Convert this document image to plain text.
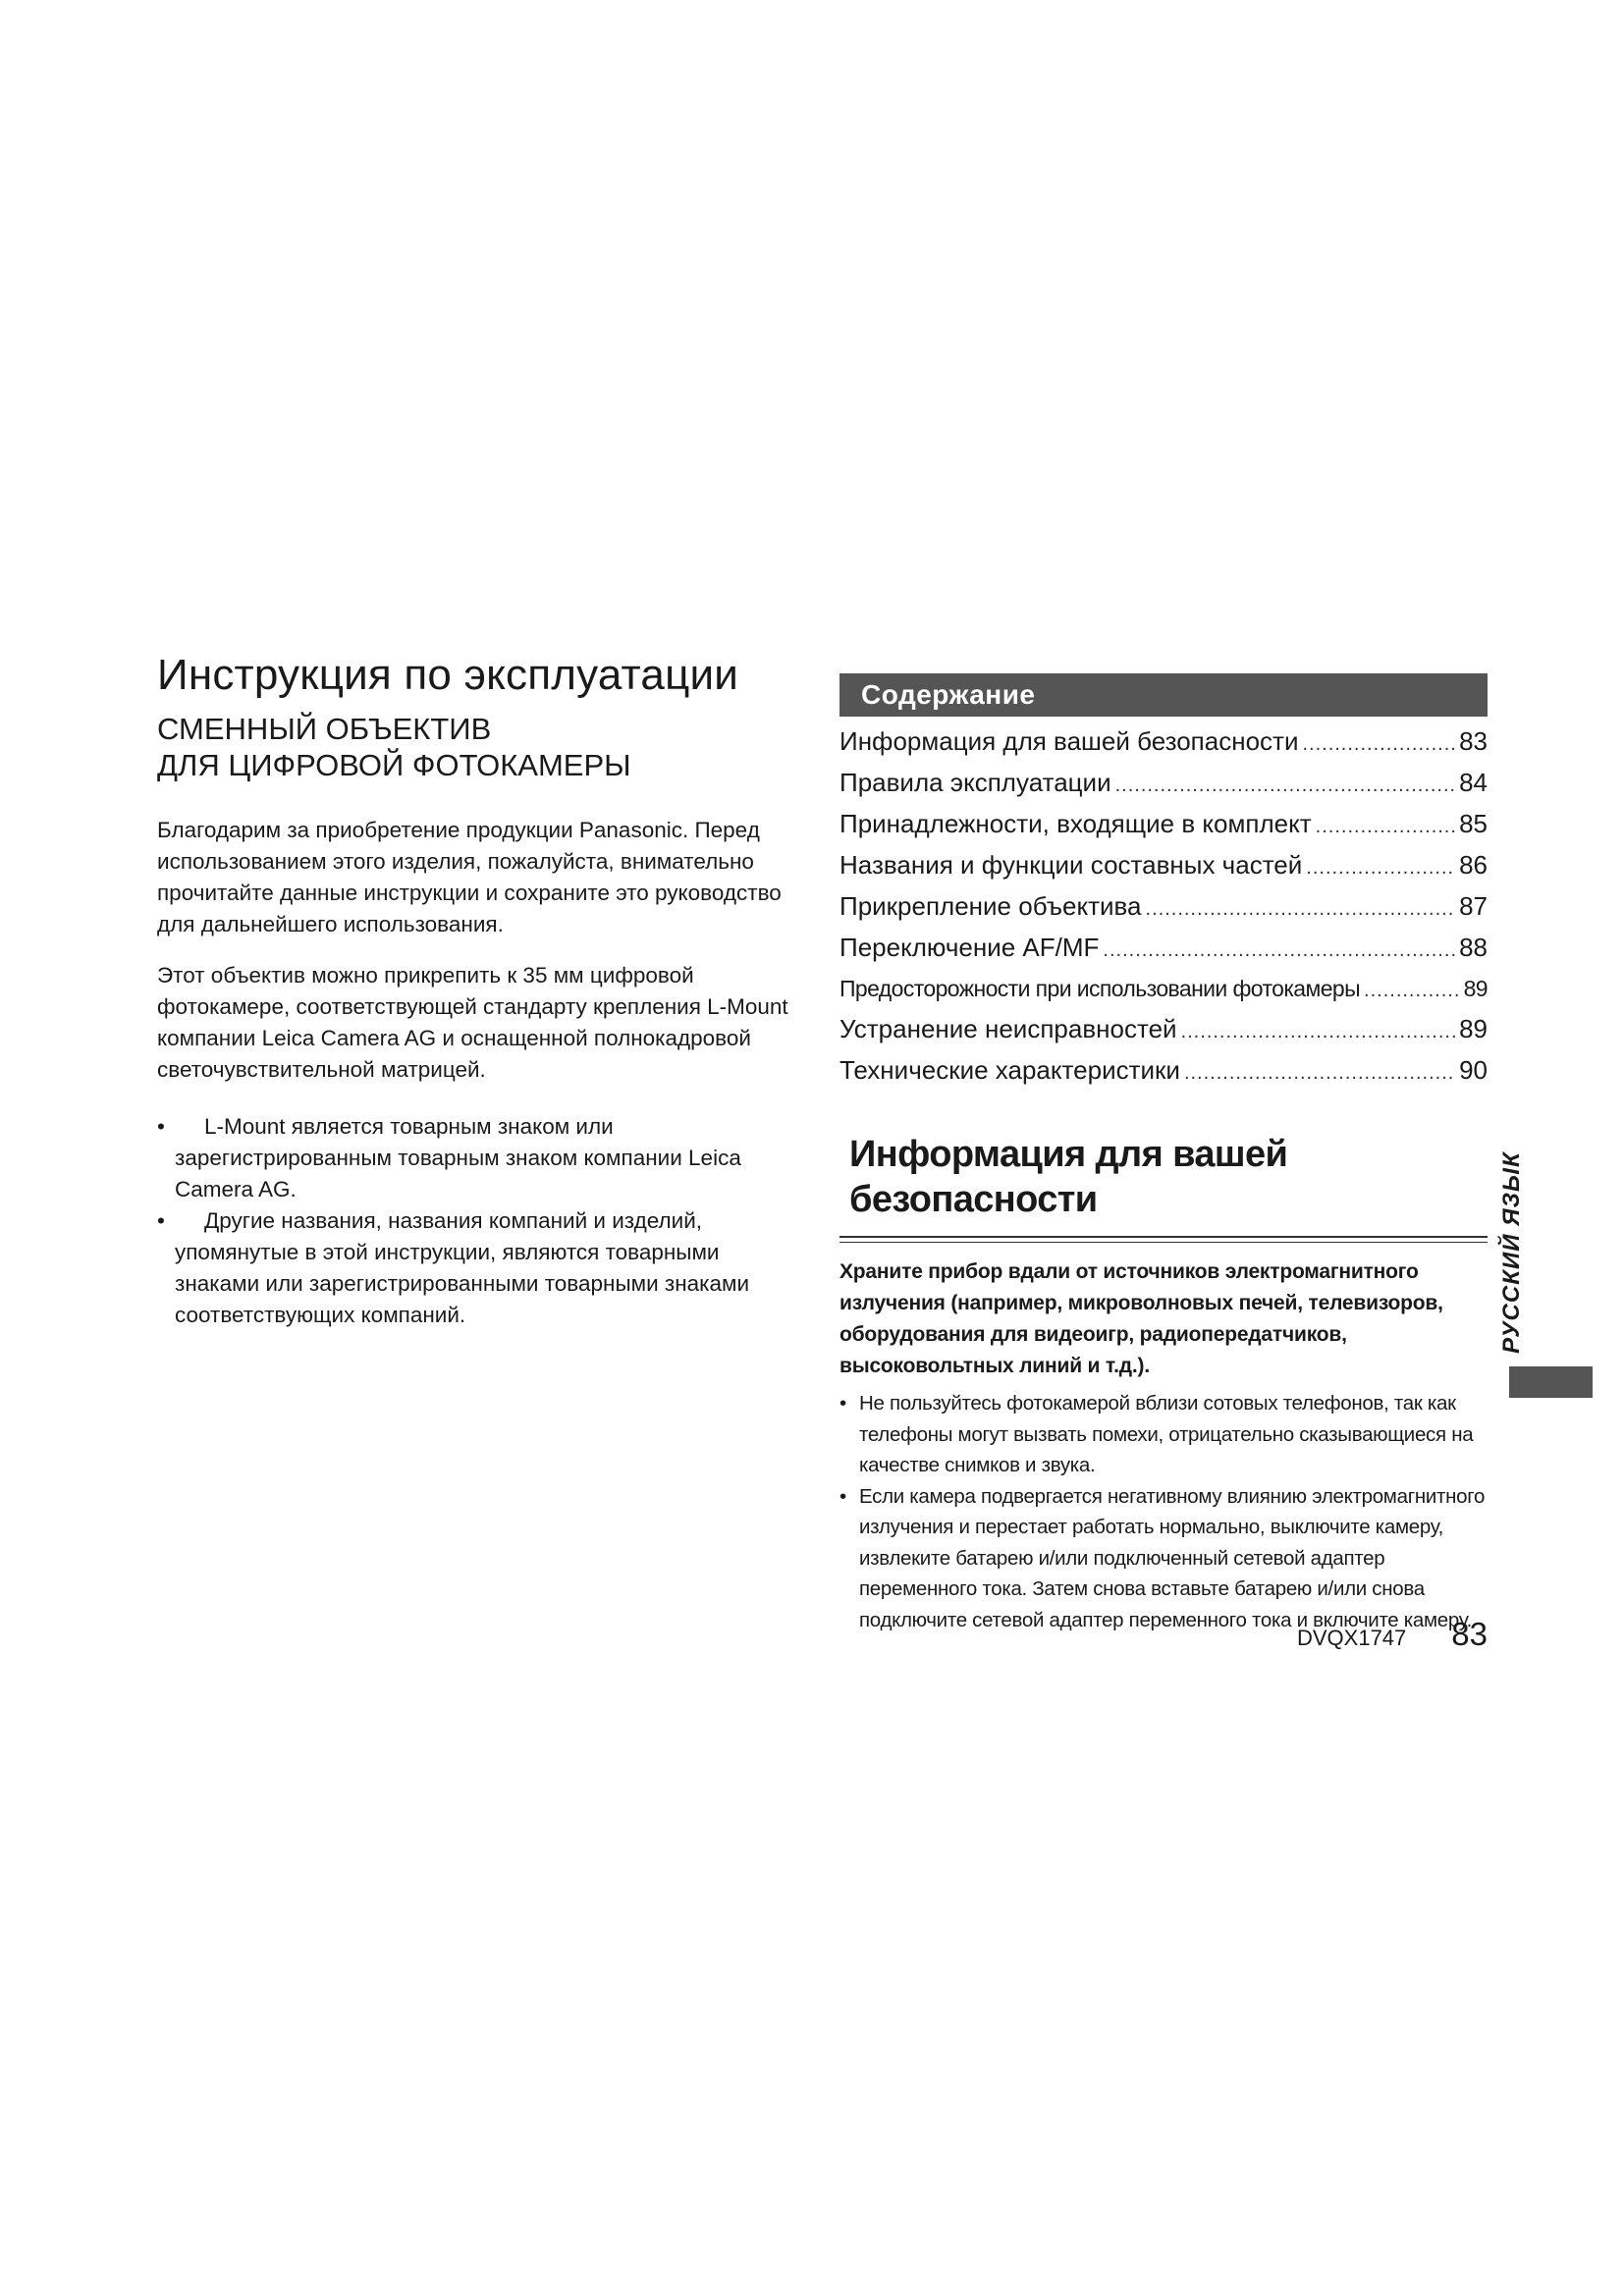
Инструкция по эксплуатации
СМЕННЫЙ ОБЪЕКТИВ
ДЛЯ ЦИФРОВОЙ ФОТОКАМЕРЫ

Благодарим за приобретение продукции Panasonic. Перед использованием этого изделия, пожалуйста, внимательно прочитайте данные инструкции и сохраните это руководство для дальнейшего использования.

Этот объектив можно прикрепить к 35 мм цифровой фотокамере, соответствующей стандарту крепления L-Mount компании Leica Camera AG и оснащенной полнокадровой светочувствительной матрицей.

•	L-Mount является товарным знаком или зарегистрированным товарным знаком компании Leica Camera AG.
•	Другие названия, названия компаний и изделий, упомянутые в этой инструкции, являются товарными знаками или зарегистрированными товарными знаками соответствующих компаний.
Содержание
Информация для вашей безопасности .....	83
Правила эксплуатации .....	84
Принадлежности, входящие в комплект .....	85
Названия и функции составных частей .....	86
Прикрепление объектива .....	87
Переключение AF/MF .....	88
Предосторожности при использовании фотокамеры .....	89
Устранение неисправностей .....	89
Технические характеристики .....	90
Информация для вашей безопасности
Храните прибор вдали от источников электромагнитного излучения (например, микроволновых печей, телевизоров, оборудования для видеоигр, радиопередатчиков, высоковольтных линий и т.д.).
• Не пользуйтесь фотокамерой вблизи сотовых телефонов, так как телефоны могут вызвать помехи, отрицательно сказывающиеся на качестве снимков и звука.
• Если камера подвергается негативному влиянию электромагнитного излучения и перестает работать нормально, выключите камеру, извлеките батарею и/или подключенный сетевой адаптер переменного тока. Затем снова вставьте батарею и/или снова подключите сетевой адаптер переменного тока и включите камеру.
РУССКИЙ ЯЗЫК
DVQX1747 83
